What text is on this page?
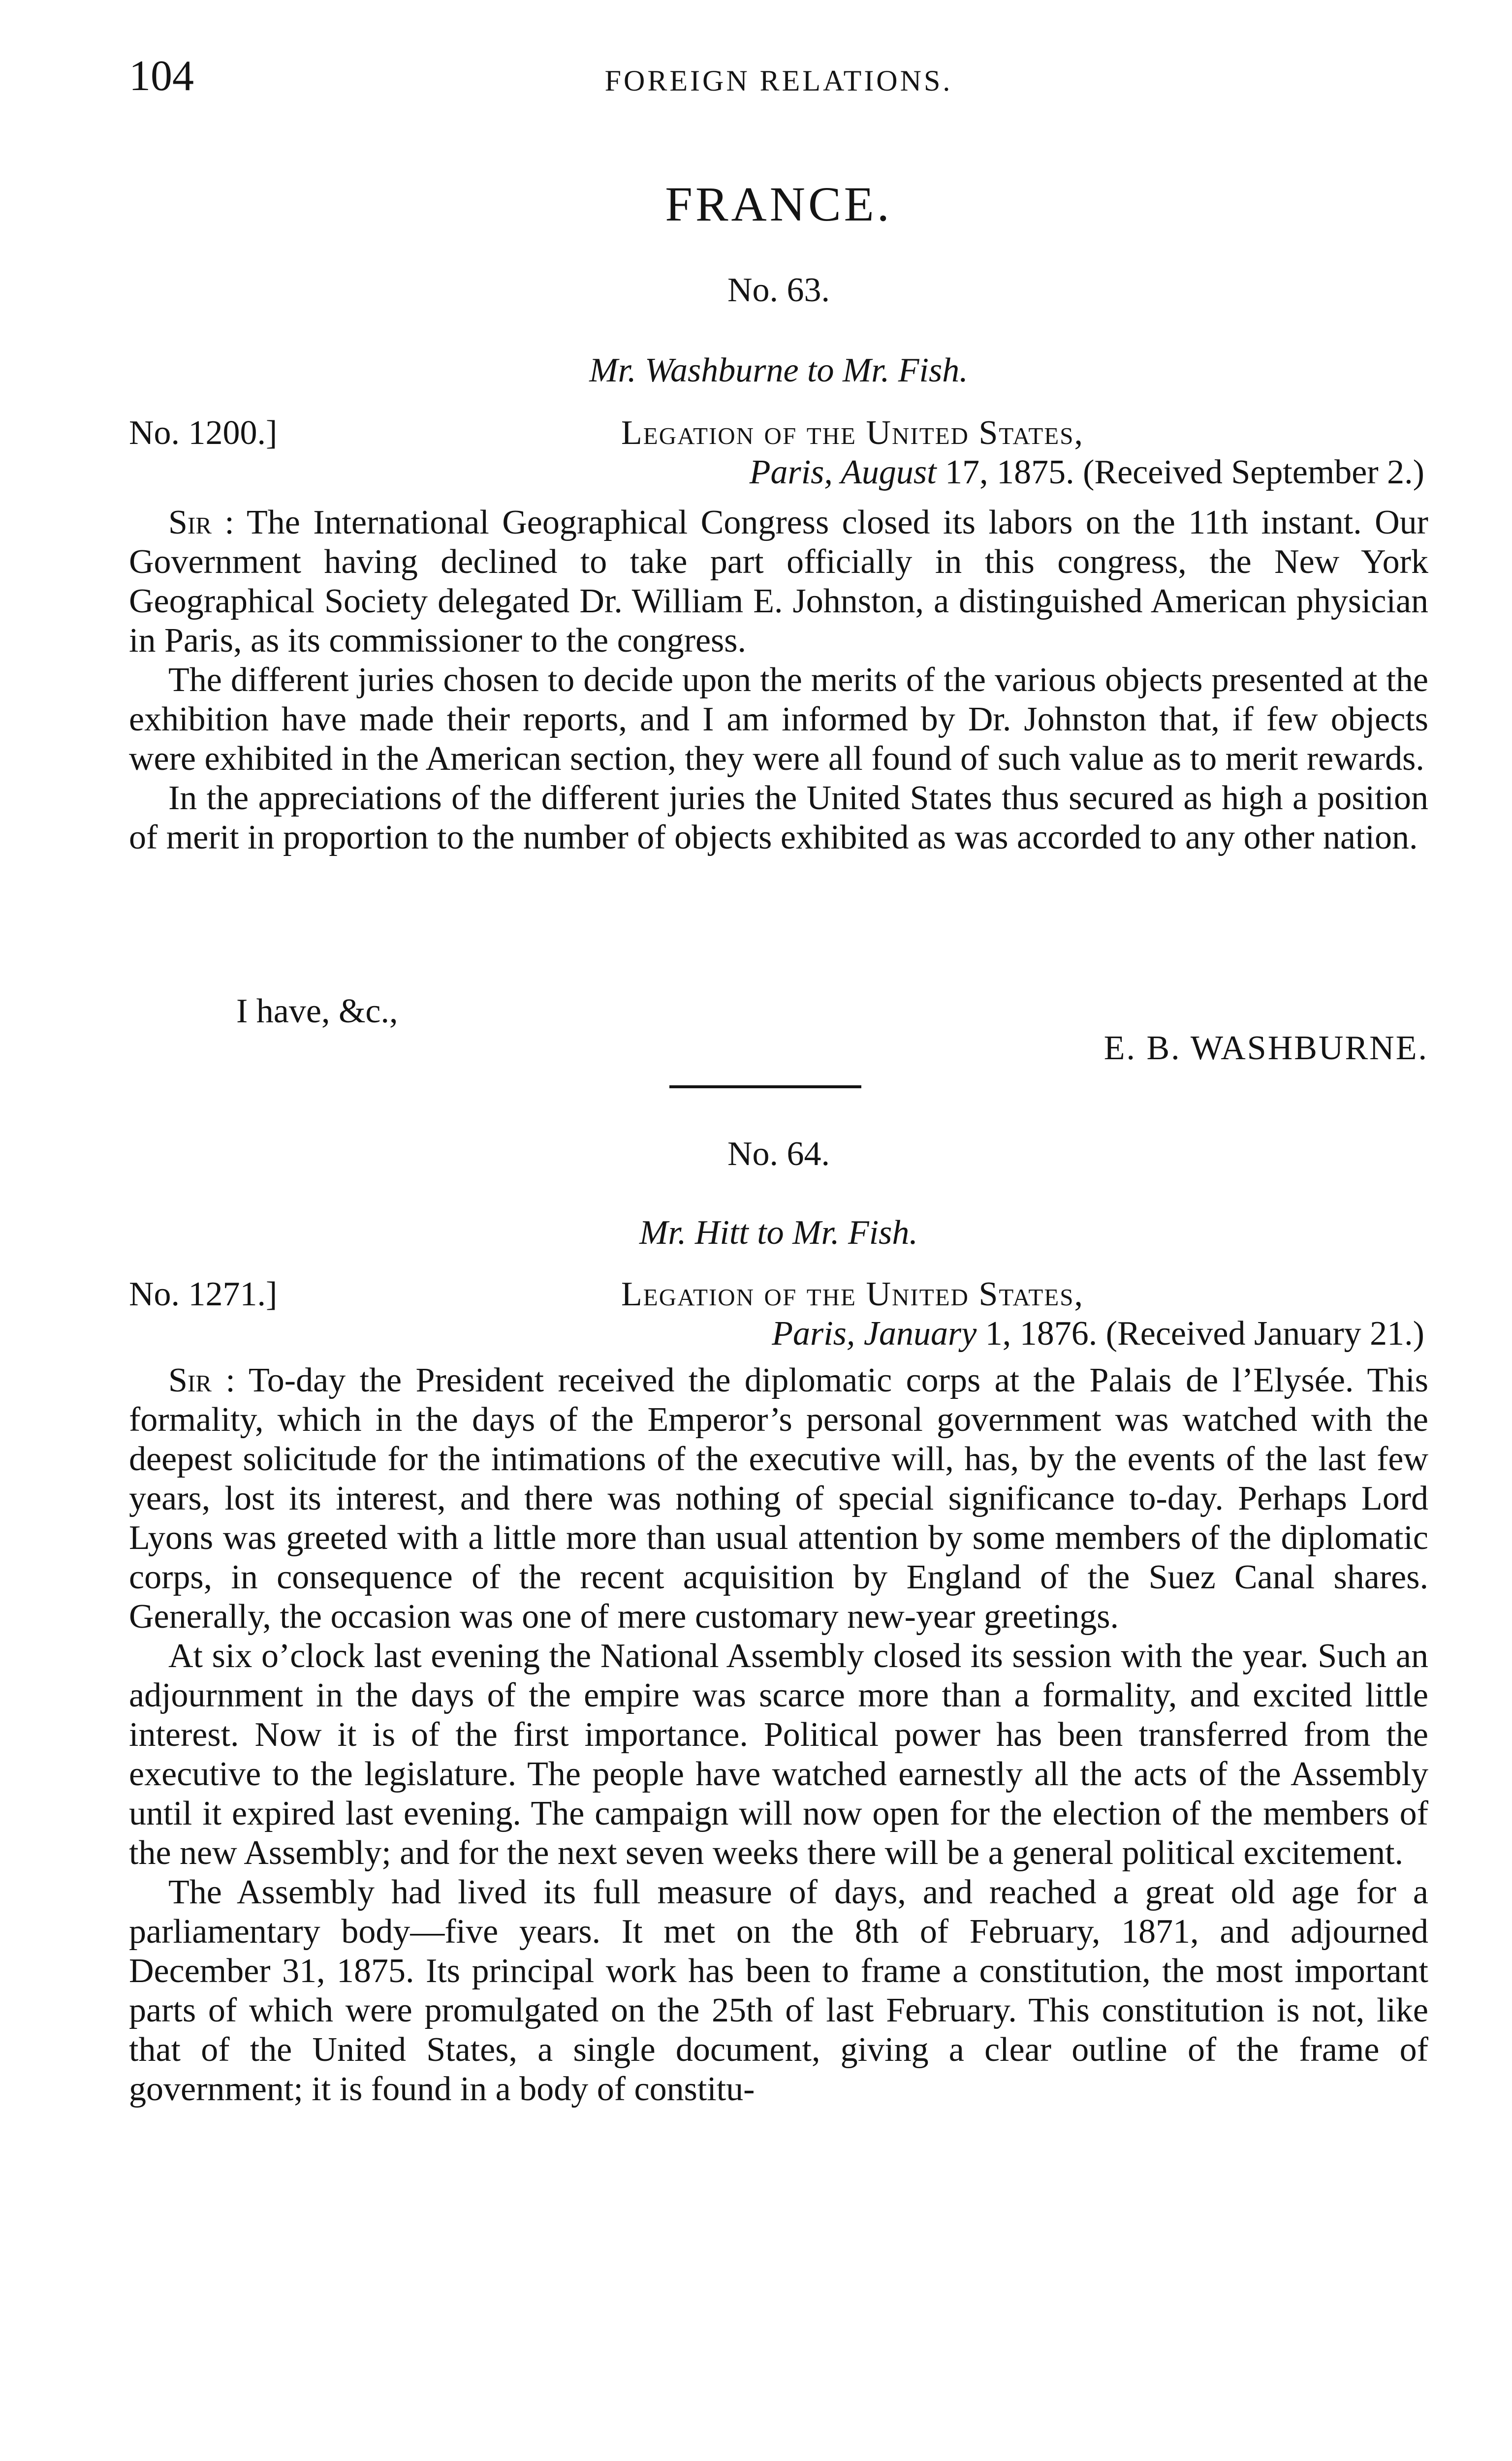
104	FOREIGN RELATIONS.
FRANCE.
No. 63.
Mr. Washburne to Mr. Fish.
No. 1200.]	Legation of the United States,
Paris, August 17, 1875. (Received September 2.)

Sir : The International Geographical Congress closed its labors on the 11th instant. Our Government having declined to take part officially in this congress, the New York Geographical Society delegated Dr. William E. Johnston, a distinguished American physician in Paris, as its commissioner to the congress.

The different juries chosen to decide upon the merits of the various objects presented at the exhibition have made their reports, and I am informed by Dr. Johnston that, if few objects were exhibited in the American section, they were all found of such value as to merit rewards.

In the appreciations of the different juries the United States thus secured as high a position of merit in proportion to the number of objects exhibited as was accorded to any other nation.

I have, &c.,
E. B. WASHBURNE.
No. 64.
Mr. Hitt to Mr. Fish.
No. 1271.]	Legation of the United States,
Paris, January 1, 1876. (Received January 21.)

Sir : To-day the President received the diplomatic corps at the Palais de l’Elysée. This formality, which in the days of the Emperor’s personal government was watched with the deepest solicitude for the intimations of the executive will, has, by the events of the last few years, lost its interest, and there was nothing of special significance to-day. Perhaps Lord Lyons was greeted with a little more than usual attention by some members of the diplomatic corps, in consequence of the recent acquisition by England of the Suez Canal shares. Generally, the occasion was one of mere customary new-year greetings.

At six o’clock last evening the National Assembly closed its session with the year. Such an adjournment in the days of the empire was scarce more than a formality, and excited little interest. Now it is of the first importance. Political power has been transferred from the executive to the legislature. The people have watched earnestly all the acts of the Assembly until it expired last evening. The campaign will now open for the election of the members of the new Assembly; and for the next seven weeks there will be a general political excitement.

The Assembly had lived its full measure of days, and reached a great old age for a parliamentary body—five years. It met on the 8th of February, 1871, and adjourned December 31, 1875. Its principal work has been to frame a constitution, the most important parts of which were promulgated on the 25th of last February. This constitution is not, like that of the United States, a single document, giving a clear outline of the frame of government; it is found in a body of constitu-
